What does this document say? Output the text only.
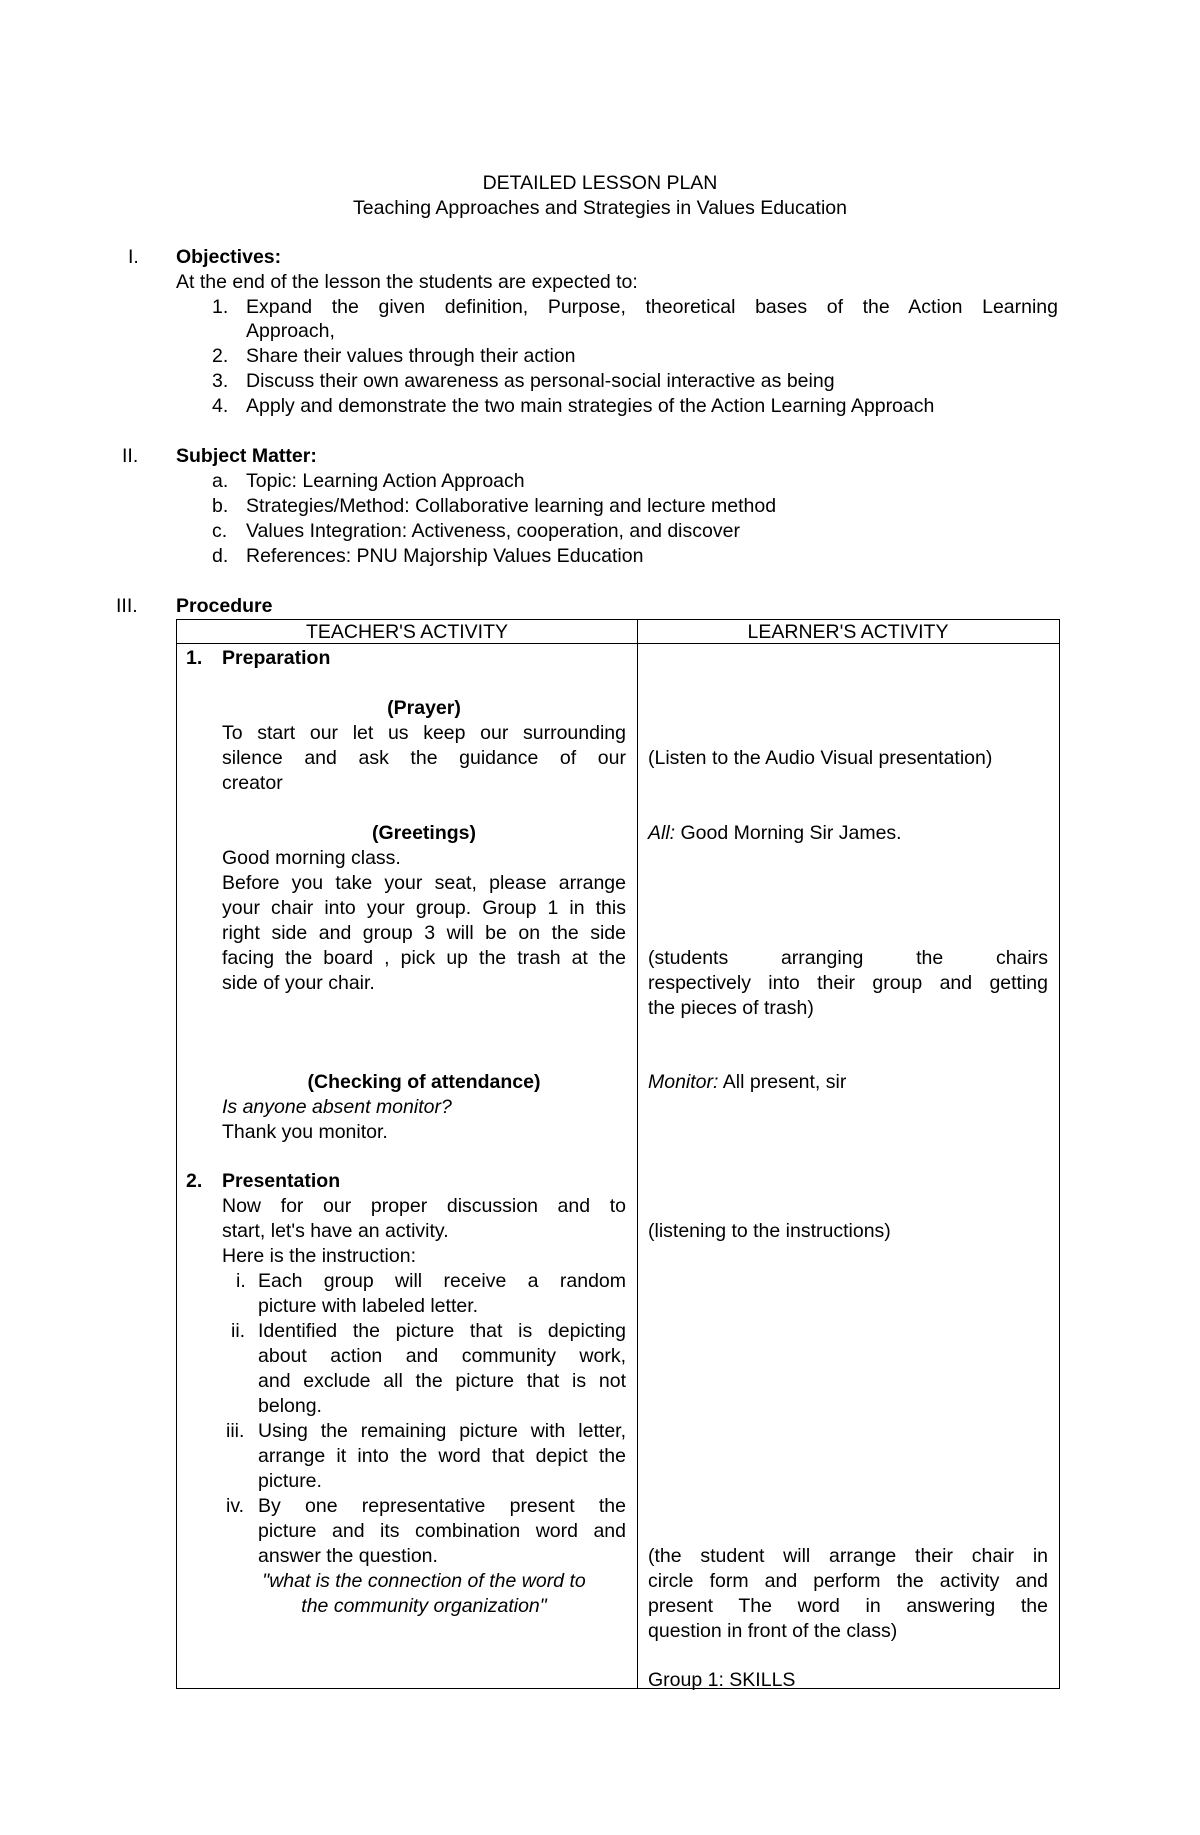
DETAILED LESSON PLAN
Teaching Approaches and Strategies in Values Education
I. Objectives:
At the end of the lesson the students are expected to:
1. Expand the given definition, Purpose, theoretical bases of the Action Learning
Approach,
2. Share their values through their action
3. Discuss their own awareness as personal-social interactive as being
4. Apply and demonstrate the two main strategies of the Action Learning Approach
II. Subject Matter:
a. Topic: Learning Action Approach
b. Strategies/Method: Collaborative learning and lecture method
c. Values Integration: Activeness, cooperation, and discover
d. References: PNU Majorship Values Education
III. Procedure
TEACHER'S ACTIVITY	LEARNER'S ACTIVITY
1. Preparation
(Prayer)
To start our let us keep our surrounding
silence and ask the guidance of our
creator
(Greetings)
Good morning class.
Before you take your seat, please arrange
your chair into your group. Group 1 in this
right side and group 3 will be on the side
facing the board , pick up the trash at the
side of your chair.
(Checking of attendance)
Is anyone absent monitor?
Thank you monitor.
2. Presentation
Now for our proper discussion and to
start, let's have an activity.
Here is the instruction:
i. Each group will receive a random
picture with labeled letter.
ii. Identified the picture that is depicting
about action and community work,
and exclude all the picture that is not
belong.
iii. Using the remaining picture with letter,
arrange it into the word that depict the
picture.
iv. By one representative present the
picture and its combination word and
answer the question.
"what is the connection of the word to
the community organization"
(Listen to the Audio Visual presentation)
All: Good Morning Sir James.
(students arranging the chairs
respectively into their group and getting
the pieces of trash)
Monitor: All present, sir
(listening to the instructions)
(the student will arrange their chair in
circle form and perform the activity and
present The word in answering the
question in front of the class)
Group 1: SKILLS
